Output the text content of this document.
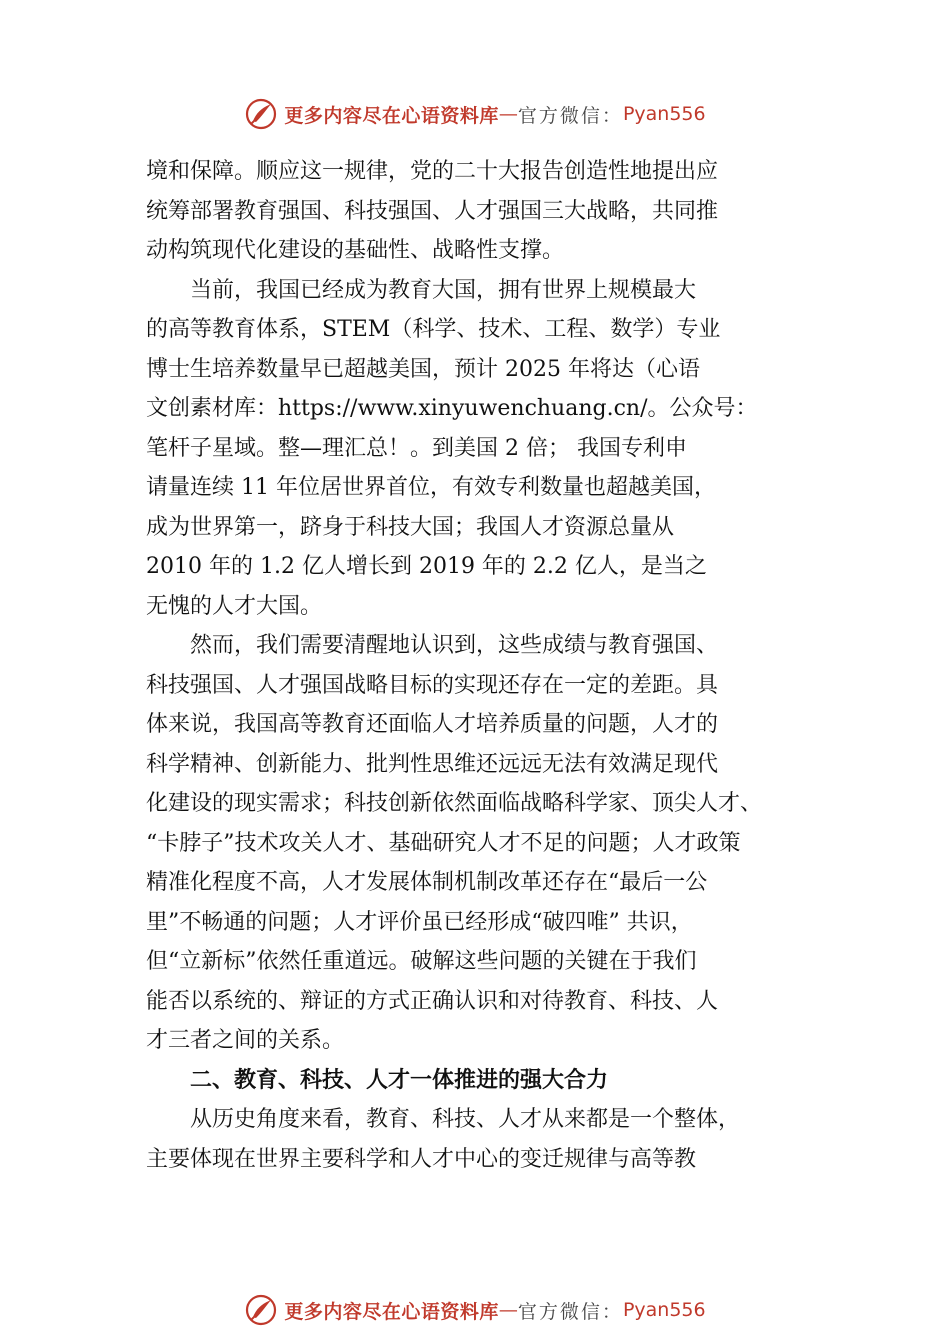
更多内容尽在心语资料库 — 官方微信： Pyan556
境和保障。顺应这一规律，党的二十大报告创造性地提出应
统筹部署教育强国、科技强国、人才强国三大战略，共同推
动构筑现代化建设的基础性、战略性支撑。
当前，我国已经成为教育大国，拥有世界上规模最大
的高等教育体系，STEM（科学、技术、工程、数学）专业
博士生培养数量早已超越美国，预计 2025 年将达（心语
文创素材库：https://www.xinyuwenchuang.cn/。公众号：
笔杆子星域。整—理汇总！。到美国 2 倍； 我国专利申
请量连续 11 年位居世界首位，有效专利数量也超越美国，
成为世界第一，跻身于科技大国；我国人才资源总量从
2010 年的 1.2 亿人增长到 2019 年的 2.2 亿人，是当之
无愧的人才大国。
然而，我们需要清醒地认识到，这些成绩与教育强国、
科技强国、人才强国战略目标的实现还存在一定的差距。具
体来说，我国高等教育还面临人才培养质量的问题，人才的
科学精神、创新能力、批判性思维还远远无法有效满足现代
化建设的现实需求；科技创新依然面临战略科学家、顶尖人才、
“卡脖子”技术攻关人才、基础研究人才不足的问题；人才政策
精准化程度不高，人才发展体制机制改革还存在“最后一公
里”不畅通的问题；人才评价虽已经形成“破四唯” 共识，
但“立新标”依然任重道远。破解这些问题的关键在于我们
能否以系统的、辩证的方式正确认识和对待教育、科技、人
才三者之间的关系。
二、教育、科技、人才一体推进的强大合力
从历史角度来看，教育、科技、人才从来都是一个整体，
主要体现在世界主要科学和人才中心的变迁规律与高等教
更多内容尽在心语资料库 — 官方微信： Pyan556
